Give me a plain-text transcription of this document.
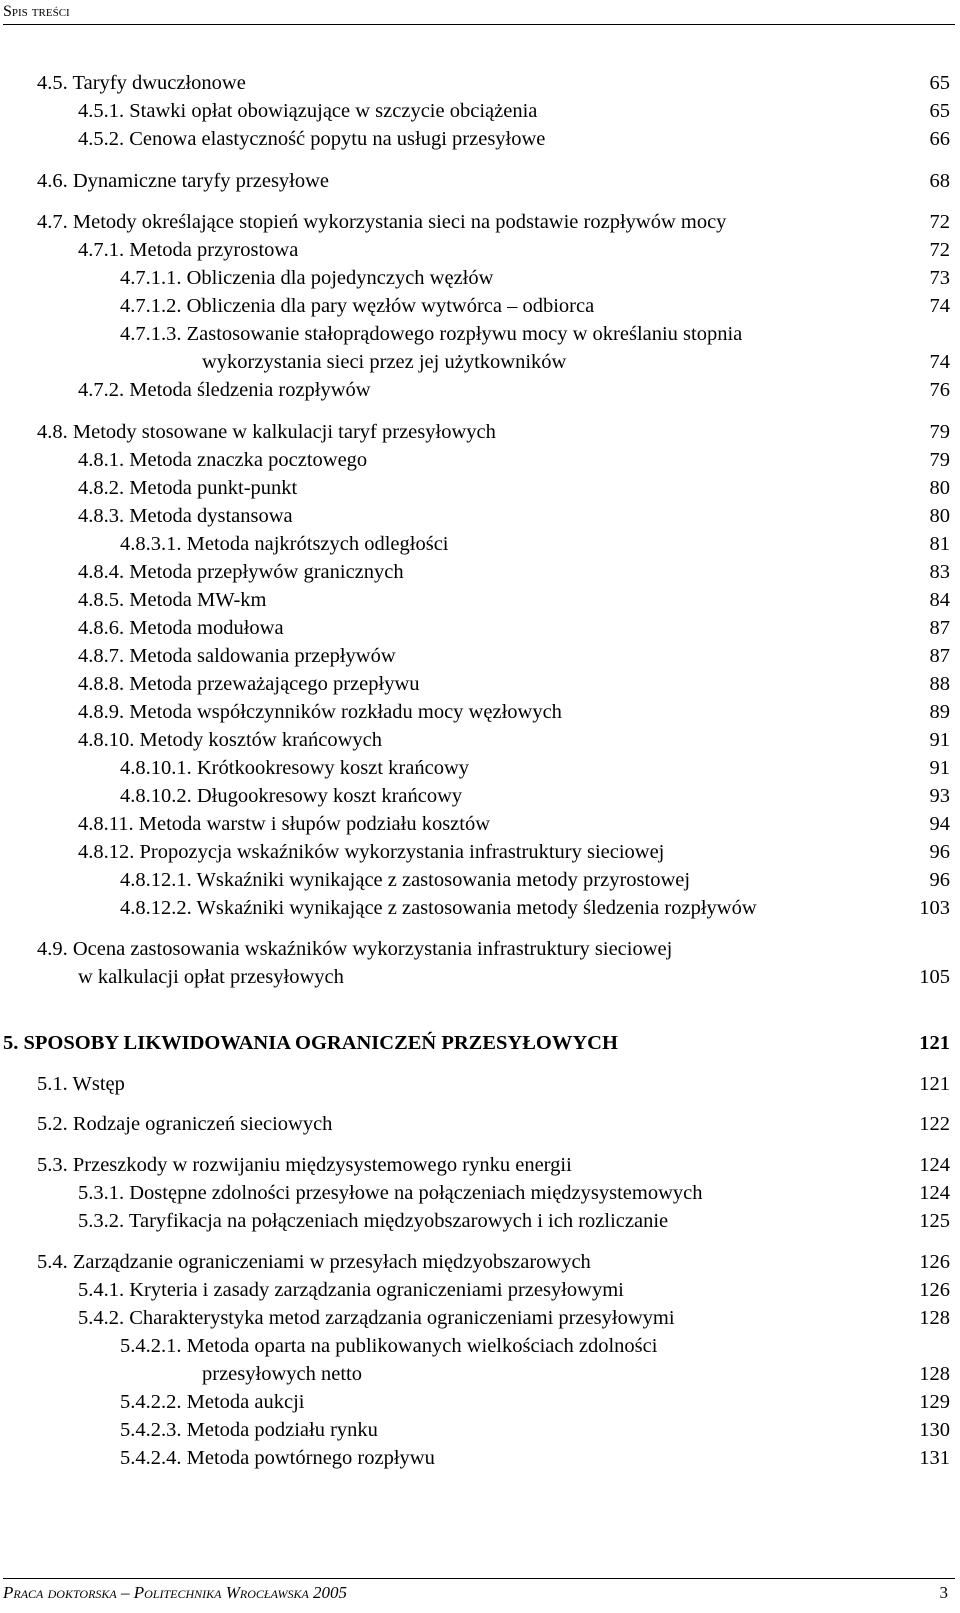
Spis treści
4.5. Taryfy dwuczłonowe	65
4.5.1. Stawki opłat obowiązujące w szczycie obciążenia	65
4.5.2. Cenowa elastyczność popytu na usługi przesyłowe	66
4.6. Dynamiczne taryfy przesyłowe	68
4.7. Metody określające stopień wykorzystania sieci na podstawie rozpływów mocy	72
4.7.1. Metoda przyrostowa	72
4.7.1.1. Obliczenia dla pojedynczych węzłów	73
4.7.1.2. Obliczenia dla pary węzłów wytwórca – odbiorca	74
4.7.1.3. Zastosowanie stałoprądowego rozpływu mocy w określaniu stopnia
wykorzystania sieci przez jej użytkowników	74
4.7.2. Metoda śledzenia rozpływów	76
4.8. Metody stosowane w kalkulacji taryf przesyłowych	79
4.8.1. Metoda znaczka pocztowego	79
4.8.2. Metoda punkt-punkt	80
4.8.3. Metoda dystansowa	80
4.8.3.1. Metoda najkrótszych odległości	81
4.8.4. Metoda przepływów granicznych	83
4.8.5. Metoda MW-km	84
4.8.6. Metoda modułowa	87
4.8.7. Metoda saldowania przepływów	87
4.8.8. Metoda przeważającego przepływu	88
4.8.9. Metoda współczynników rozkładu mocy węzłowych	89
4.8.10. Metody kosztów krańcowych	91
4.8.10.1. Krótkookresowy koszt krańcowy	91
4.8.10.2. Długookresowy koszt krańcowy	93
4.8.11. Metoda warstw i słupów podziału kosztów	94
4.8.12. Propozycja wskaźników wykorzystania infrastruktury sieciowej	96
4.8.12.1. Wskaźniki wynikające z zastosowania metody przyrostowej	96
4.8.12.2. Wskaźniki wynikające z zastosowania metody śledzenia rozpływów	103
4.9. Ocena zastosowania wskaźników wykorzystania infrastruktury sieciowej
w kalkulacji opłat przesyłowych	105
5. SPOSOBY LIKWIDOWANIA OGRANICZEŃ PRZESYŁOWYCH	121
5.1. Wstęp	121
5.2. Rodzaje ograniczeń sieciowych	122
5.3. Przeszkody w rozwijaniu międzysystemowego rynku energii	124
5.3.1. Dostępne zdolności przesyłowe na połączeniach międzysystemowych	124
5.3.2. Taryfikacja na połączeniach międzyobszarowych i ich rozliczanie	125
5.4. Zarządzanie ograniczeniami w przesyłach międzyobszarowych	126
5.4.1. Kryteria i zasady zarządzania ograniczeniami przesyłowymi	126
5.4.2. Charakterystyka metod zarządzania ograniczeniami przesyłowymi	128
5.4.2.1. Metoda oparta na publikowanych wielkościach zdolności
przesyłowych netto	128
5.4.2.2. Metoda aukcji	129
5.4.2.3. Metoda podziału rynku	130
5.4.2.4. Metoda powtórnego rozpływu	131
Praca doktorska – Politechnika Wrocławska 2005	3
